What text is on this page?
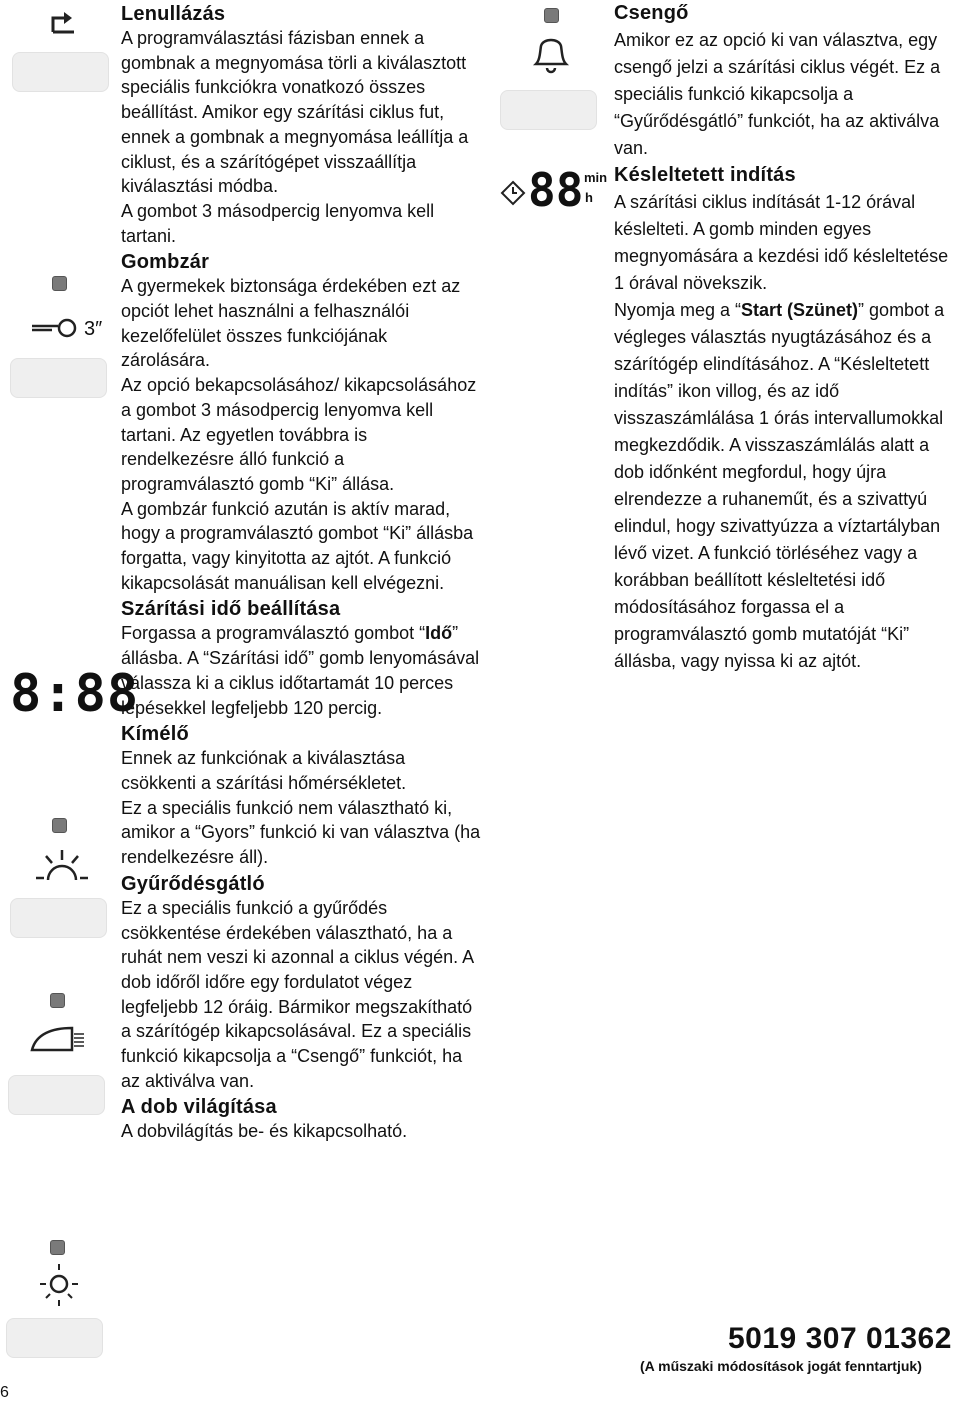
3″
8:88
6
88 min
h
Lenullázás

A programválasztási fázisban ennek a gombnak a megnyomása törli a kiválasztott speciális funkciókra vonatkozó összes beállítást. Amikor egy szárítási ciklus fut, ennek a gombnak a megnyomása leállítja a ciklust, és a szárítógépet visszaállítja kiválasztási módba.

A gombot 3 másodpercig lenyomva kell tartani.

Gombzár

A gyermekek biztonsága érdekében ezt az opciót lehet használni a felhasználói kezelőfelület összes funkciójának zárolására.

Az opció bekapcsolásához/ kikapcsolásához a gombot 3 másodpercig lenyomva kell tartani. Az egyetlen továbbra is rendelkezésre álló funkció a programválasztó gomb “Ki” állása.

A gombzár funkció azután is aktív marad, hogy a programválasztó gombot “Ki” állásba forgatta, vagy kinyitotta az ajtót. A funkció kikapcsolását manuálisan kell elvégezni.

Szárítási idő beállítása

Forgassa a programválasztó gombot “Idő” állásba. A “Szárítási idő” gomb lenyomásával válassza ki a ciklus időtartamát 10 perces lépésekkel legfeljebb 120 percig.

Kímélő

Ennek az funkciónak a kiválasztása csökkenti a szárítási hőmérsékletet.

Ez a speciális funkció nem választható ki, amikor a “Gyors” funkció ki van választva (ha rendelkezésre áll).

Gyűrődésgátló

Ez a speciális funkció a gyűrődés csökkentése érdekében választható, ha a ruhát nem veszi ki azonnal a ciklus végén. A dob időről időre egy fordulatot végez legfeljebb 12 óráig. Bármikor megszakítható a szárítógép kikapcsolásával. Ez a speciális funkció kikapcsolja a “Csengő” funkciót, ha az aktiválva van.

A dob világítása

A dobvilágítás be- és kikapcsolható.

Csengő

Amikor ez az opció ki van választva, egy csengő jelzi a szárítási ciklus végét. Ez a speciális funkció kikapcsolja a “Gyűrődésgátló” funkciót, ha az aktiválva van.

Késleltetett indítás

A szárítási ciklus indítását 1-12 órával késlelteti. A gomb minden egyes megnyomására a kezdési idő késleltetése 1 órával növekszik.

Nyomja meg a “Start (Szünet)” gombot a végleges választás nyugtázásához és a szárítógép elindításához. A “Késleltetett indítás” ikon villog, és az idő visszaszámlálása 1 órás intervallumokkal megkezdődik. A visszaszámlálás alatt a dob időnként megfordul, hogy újra elrendezze a ruhaneműt, és a szivattyú elindul, hogy szivattyúzza a víztartályban lévő vizet. A funkció törléséhez vagy a korábban beállított késleltetési idő módosításához forgassa el a programválasztó gomb mutatóját “Ki” állásba, vagy nyissa ki az ajtót.

5019 307 01362
(A műszaki módosítások jogát fenntartjuk)
